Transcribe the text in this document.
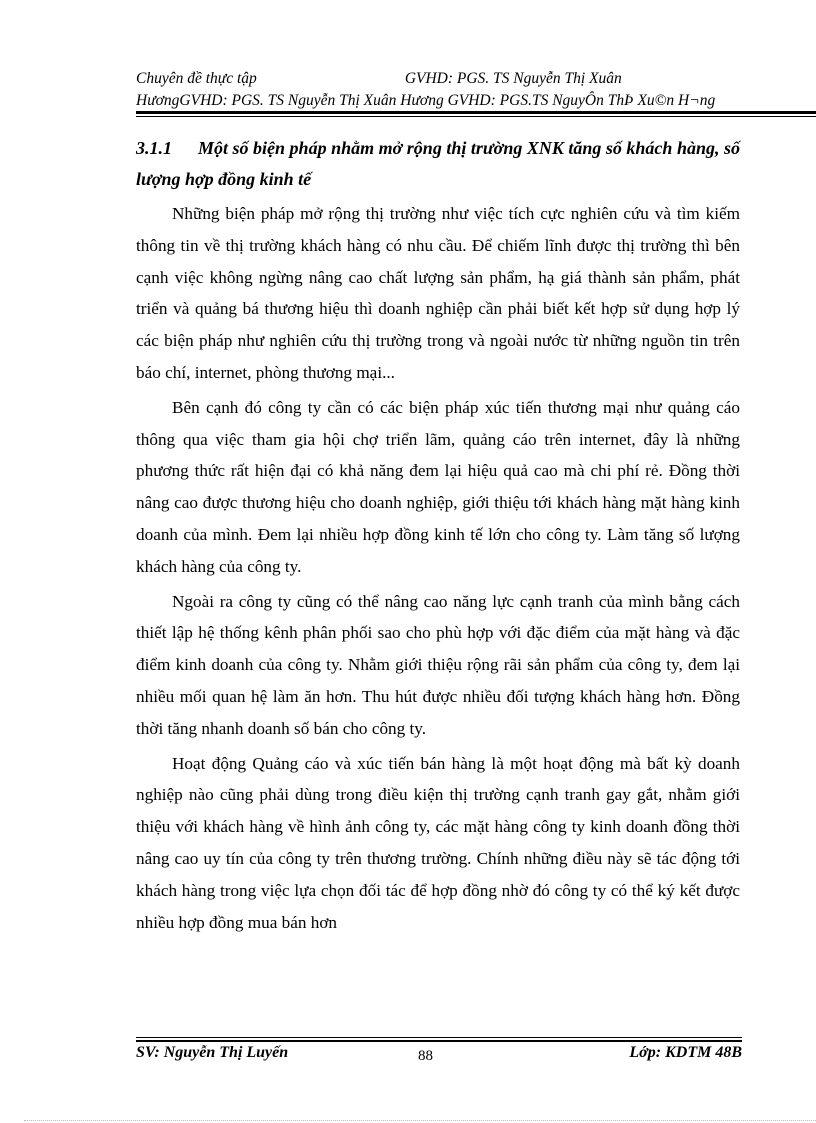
Chuyên đề thực tập	GVHD: PGS. TS Nguyễn Thị Xuân
HươngGVHD: PGS. TS Nguyễn Thị Xuân Hương GVHD: PGS.TS NguyÔn ThÞ Xu©n H¬ng
3.1.1 Một số biện pháp nhằm mở rộng thị trường XNK tăng số khách hàng, số lượng hợp đồng kinh tế

Những biện pháp mở rộng thị trường như việc tích cực nghiên cứu và tìm kiếm thông tin về thị trường khách hàng có nhu cầu. Để chiếm lĩnh được thị trường thì bên cạnh việc không ngừng nâng cao chất lượng sản phẩm, hạ giá thành sản phẩm, phát triển và quảng bá thương hiệu thì doanh nghiệp cần phải biết kết hợp sử dụng hợp lý các biện pháp như nghiên cứu thị trường trong và ngoài nước từ những nguồn tin trên báo chí, internet, phòng thương mại...

Bên cạnh đó công ty cần có các biện pháp xúc tiến thương mại như quảng cáo thông qua việc tham gia hội chợ triển lãm, quảng cáo trên internet, đây là những phương thức rất hiện đại có khả năng đem lại hiệu quả cao mà chi phí rẻ. Đồng thời nâng cao được thương hiệu cho doanh nghiệp, giới thiệu tới khách hàng mặt hàng kinh doanh của mình. Đem lại nhiều hợp đồng kinh tế lớn cho công ty. Làm tăng số lượng khách hàng của công ty.

Ngoài ra công ty cũng có thể nâng cao năng lực cạnh tranh của mình bằng cách thiết lập hệ thống kênh phân phối sao cho phù hợp với đặc điểm của mặt hàng và đặc điểm kinh doanh của công ty. Nhằm giới thiệu rộng rãi sản phẩm của công ty, đem lại nhiều mối quan hệ làm ăn hơn. Thu hút được nhiều đối tượng khách hàng hơn. Đồng thời tăng nhanh doanh số bán cho công ty.

Hoạt động Quảng cáo và xúc tiến bán hàng là một hoạt động mà bất kỳ doanh nghiệp nào cũng phải dùng trong điều kiện thị trường cạnh tranh gay gắt, nhằm giới thiệu với khách hàng về hình ảnh công ty, các mặt hàng công ty kinh doanh đồng thời nâng cao uy tín của công ty trên thương trường. Chính những điều này sẽ tác động tới khách hàng trong việc lựa chọn đối tác để hợp đồng nhờ đó công ty có thể ký kết được nhiều hợp đồng mua bán hơn

SV: Nguyễn Thị Luyến	88	Lớp: KDTM 48B
